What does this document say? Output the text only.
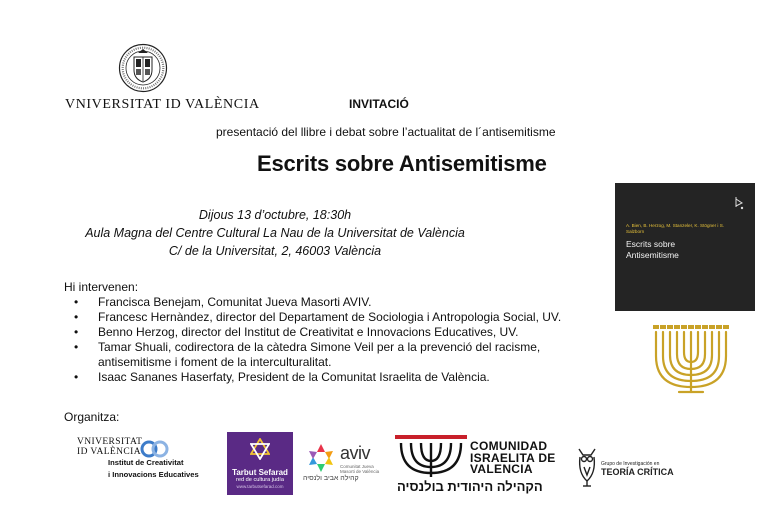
VNIVERSITAT ID VALÈNCIA	INVITACIÓ
presentació del llibre i debat sobre l’actualitat de l´antisemitisme
Escrits sobre Antisemitisme
Dijous 13 d’octubre, 18:30h
Aula Magna del Centre Cultural La Nau de la Universitat de València
C/ de la Universitat, 2, 46003 València
A. Bien, B. Herzog, M. Stanzeler, K. Stögner i S. Salzborn
Escrits sobre
Antisemitisme
Hi intervenen:
• Francisca Benejam, Comunitat Jueva Masorti AVIV.
• Francesc Hernàndez, director del Departament de Sociologia i Antropologia Social, UV.
• Benno Herzog, director del Institut de Creativitat e Innovacions Educatives, UV.
• Tamar Shuali, codirectora de la càtedra Simone Veil per a la prevenció del racisme,
antisemitisme i foment de la interculturalitat.
• Isaac Sananes Haserfaty, President de la Comunitat Israelita de València.
Organitza:
VNIVERSITAT
ID VALÈNCIA
Institut de Creativitat
i Innovacions Educatives	Tarbut Sefarad
red de cultura judía
www.tarbutsefarad.com
aviv
Comunitat Jueva
Masorti de València
קהילה אביב ולנסיה
COMUNIDAD
ISRAELITA DE
VALENCIA
הקהילה היהודית בולנסיה
Grupo de Investigación en
TEORÍA CRÍTICA
